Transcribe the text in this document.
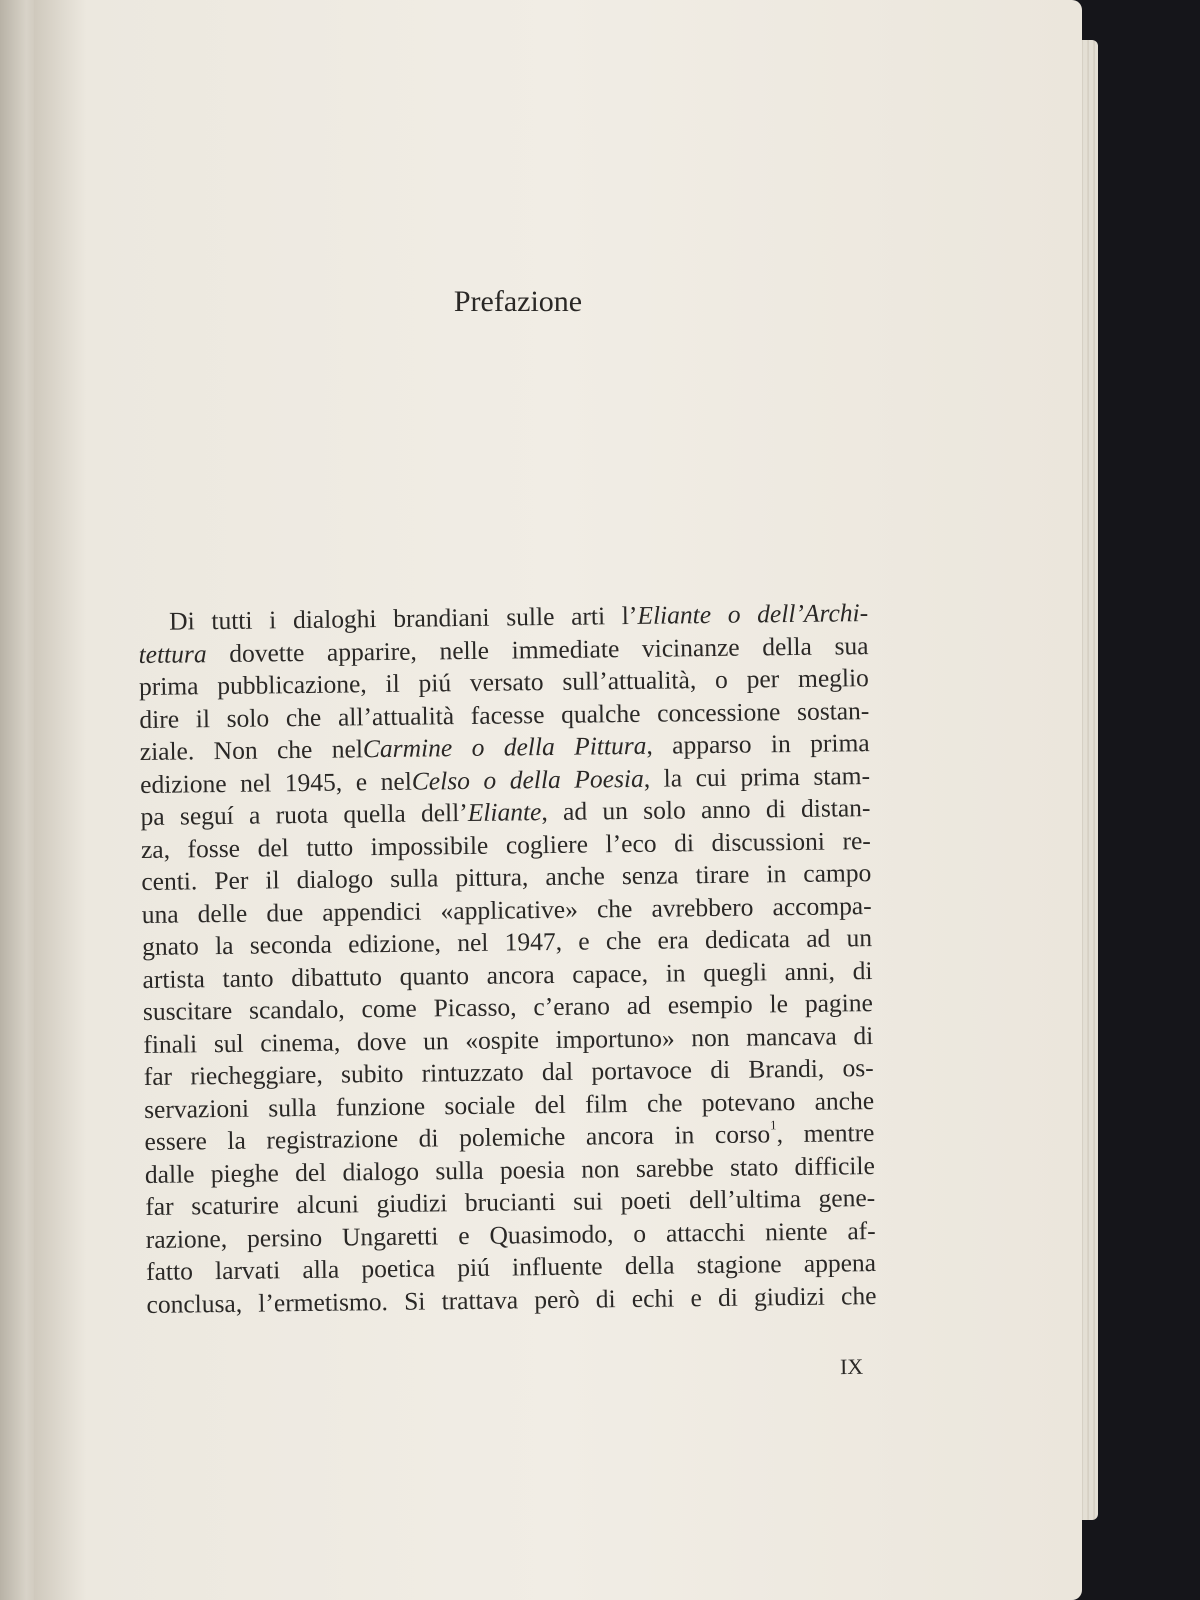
Prefazione
Di tutti i dialoghi brandiani sulle arti l’Eliante o dell’Archi-
tettura dovette apparire, nelle immediate vicinanze della sua
prima pubblicazione, il piú versato sull’attualità, o per meglio
dire il solo che all’attualità facesse qualche concessione sostan-
ziale. Non che nelCarmine o della Pittura, apparso in prima
edizione nel 1945, e nelCelso o della Poesia, la cui prima stam-
pa seguí a ruota quella dell’Eliante, ad un solo anno di distan-
za, fosse del tutto impossibile cogliere l’eco di discussioni re-
centi. Per il dialogo sulla pittura, anche senza tirare in campo
una delle due appendici «applicative» che avrebbero accompa-
gnato la seconda edizione, nel 1947, e che era dedicata ad un
artista tanto dibattuto quanto ancora capace, in quegli anni, di
suscitare scandalo, come Picasso, c’erano ad esempio le pagine
finali sul cinema, dove un «ospite importuno» non mancava di
far riecheggiare, subito rintuzzato dal portavoce di Brandi, os-
servazioni sulla funzione sociale del film che potevano anche
essere la registrazione di polemiche ancora in corso$^1$, mentre
dalle pieghe del dialogo sulla poesia non sarebbe stato difficile
far scaturire alcuni giudizi brucianti sui poeti dell’ultima gene-
razione, persino Ungaretti e Quasimodo, o attacchi niente af-
fatto larvati alla poetica piú influente della stagione appena
conclusa, l’ermetismo. Si trattava però di echi e di giudizi che
IX
